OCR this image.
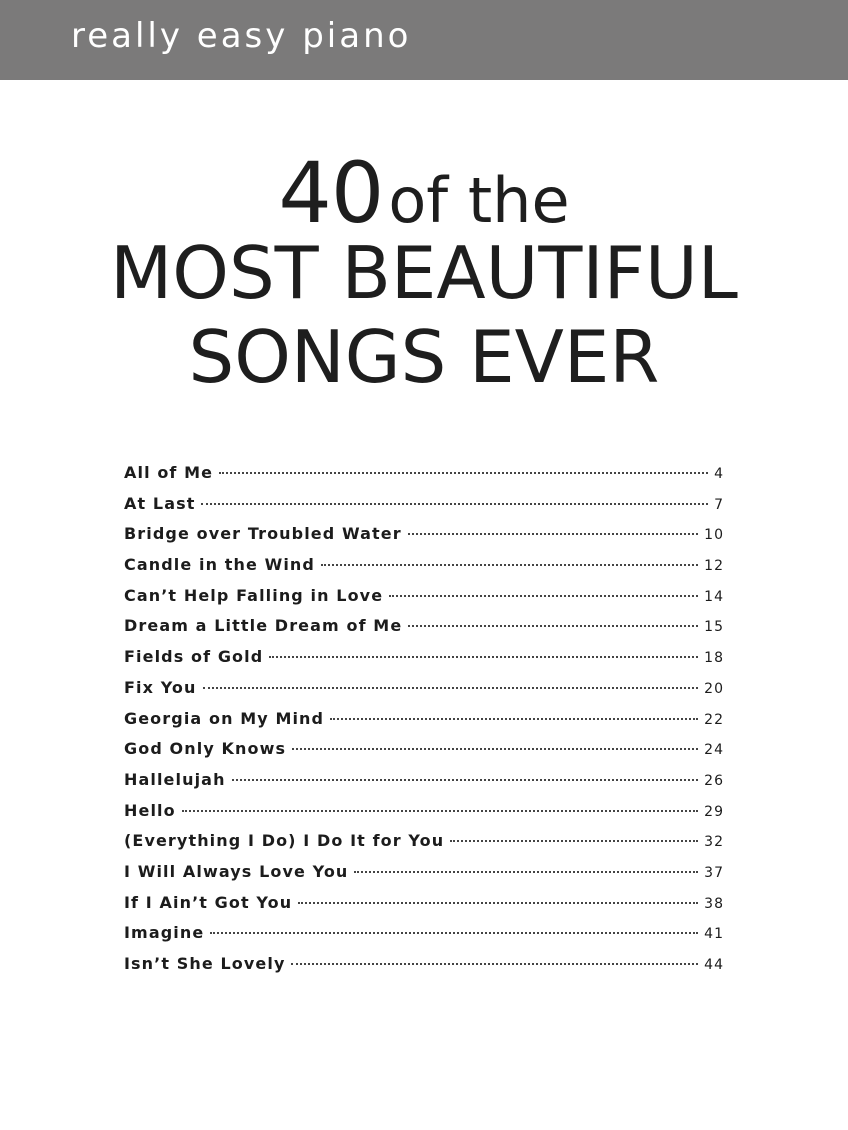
really easy piano
40 of the
MOST BEAUTIFUL
SONGS EVER
All of Me	4
At Last	7
Bridge over Troubled Water	10
Candle in the Wind	12
Can’t Help Falling in Love	14
Dream a Little Dream of Me	15
Fields of Gold	18
Fix You	20
Georgia on My Mind	22
God Only Knows	24
Hallelujah	26
Hello	29
(Everything I Do) I Do It for You	32
I Will Always Love You	37
If I Ain’t Got You	38
Imagine	41
Isn’t She Lovely	44
